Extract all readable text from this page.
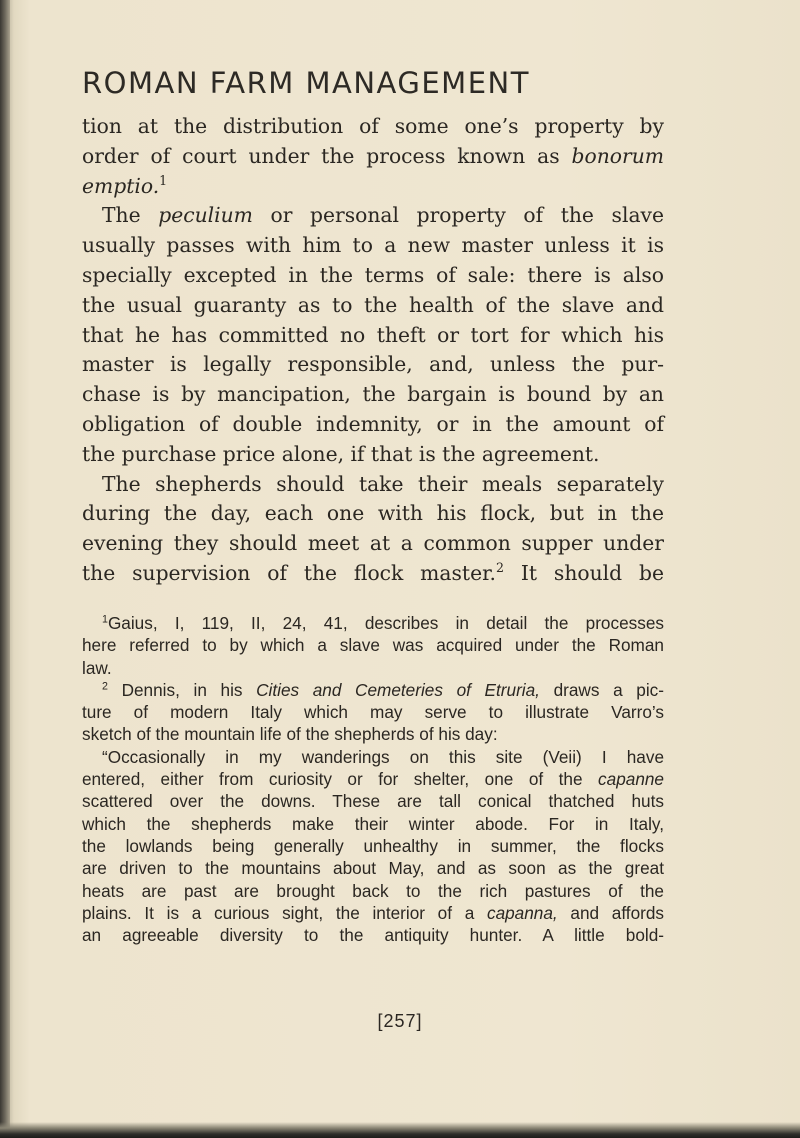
ROMAN FARM MANAGEMENT
tion at the distribution of some one’s property by
order of court under the process known as bonorum
emptio.$^1$
The peculium or personal property of the slave
usually passes with him to a new master unless it is
specially excepted in the terms of sale: there is also
the usual guaranty as to the health of the slave and
that he has committed no theft or tort for which his
master is legally responsible, and, unless the pur-
chase is by mancipation, the bargain is bound by an
obligation of double indemnity, or in the amount of
the purchase price alone, if that is the agreement.
The shepherds should take their meals separately
during the day, each one with his flock, but in the
evening they should meet at a common supper under
the supervision of the flock master.$^2$ It should be
$^1$Gaius, I, 119, II, 24, 41, describes in detail the processes
here referred to by which a slave was acquired under the Roman
law.
$^2$ Dennis, in his Cities and Cemeteries of Etruria, draws a pic-
ture of modern Italy which may serve to illustrate Varro’s
sketch of the mountain life of the shepherds of his day:
“Occasionally in my wanderings on this site (Veii) I have
entered, either from curiosity or for shelter, one of the capanne
scattered over the downs. These are tall conical thatched huts
which the shepherds make their winter abode. For in Italy,
the lowlands being generally unhealthy in summer, the flocks
are driven to the mountains about May, and as soon as the great
heats are past are brought back to the rich pastures of the
plains. It is a curious sight, the interior of a capanna, and affords
an agreeable diversity to the antiquity hunter. A little bold-
[257]
